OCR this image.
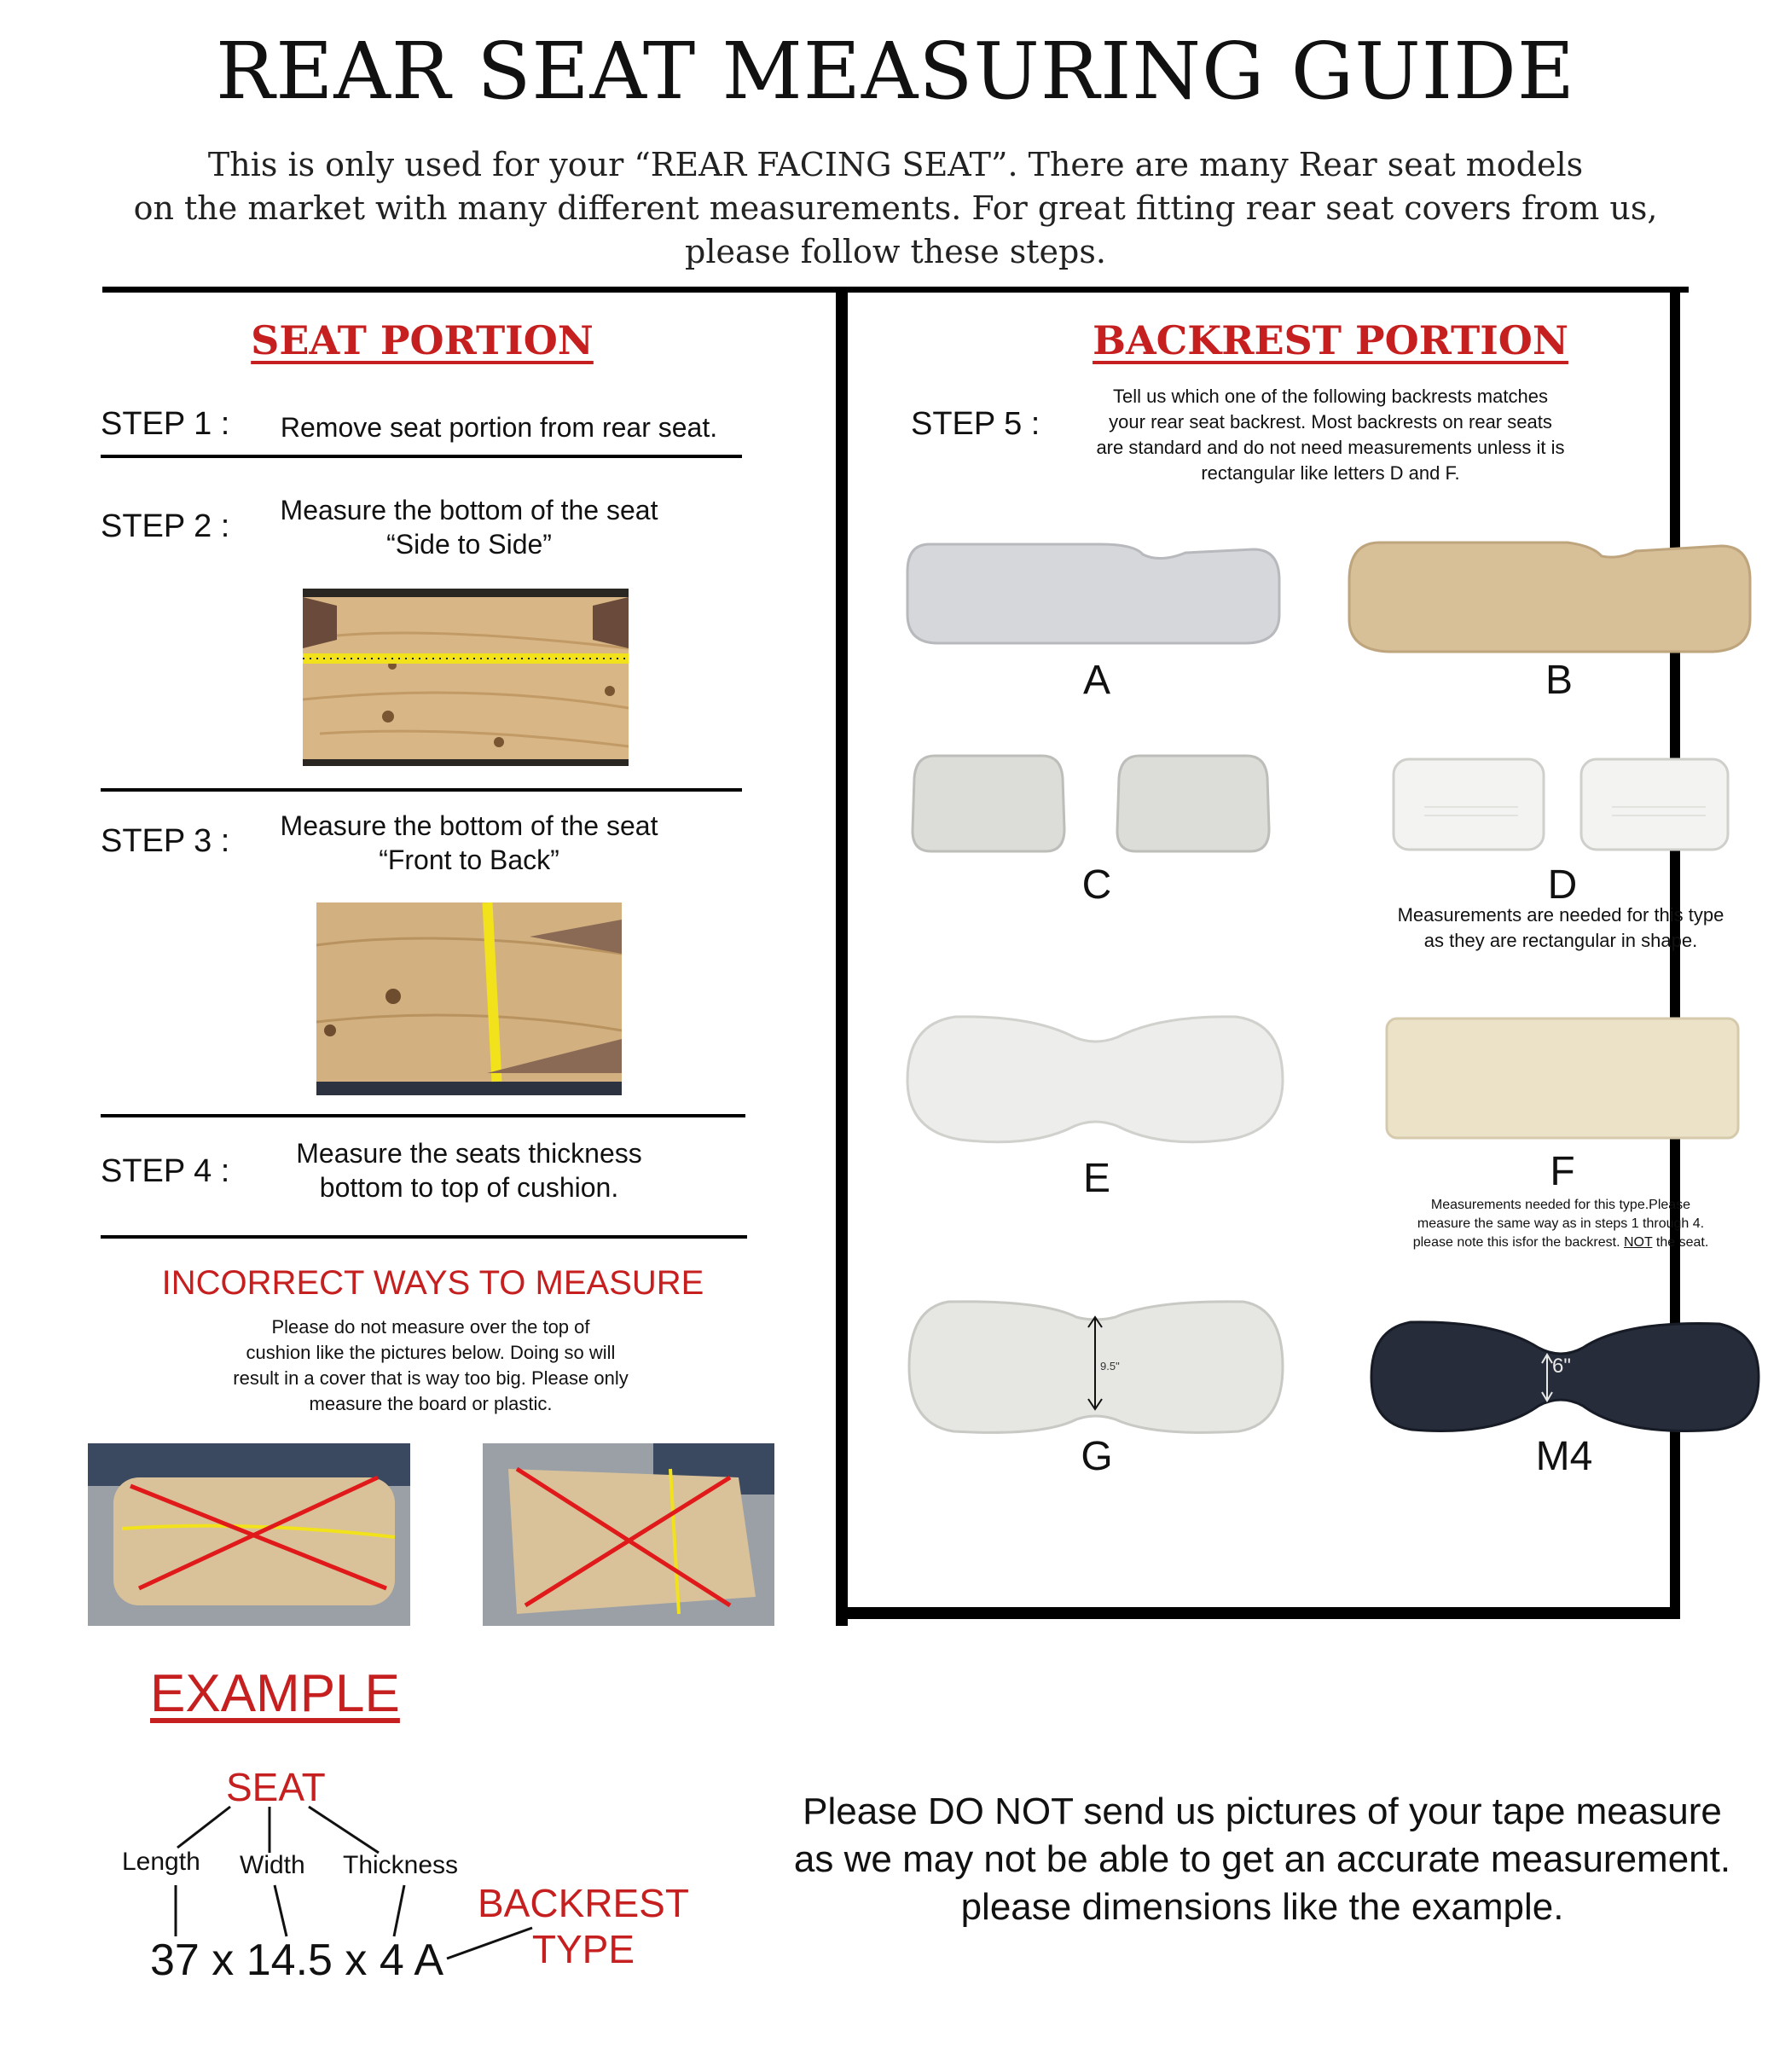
REAR SEAT MEASURING GUIDE
This is only used for your “REAR FACING SEAT”. There are many Rear seat models
on the market with many different measurements. For great fitting rear seat covers from us,
please follow these steps.
SEAT PORTION
STEP 1 :	Remove seat portion from rear seat.
STEP 2 :	Measure the bottom of the seat
“Side to Side”
STEP 3 :	Measure the bottom of the seat
“Front to Back”
STEP 4 :	Measure the seats thickness
bottom to top of cushion.
INCORRECT WAYS TO MEASURE
Please do not measure over the top of
cushion like the pictures below. Doing so will
result in a cover that is way too big. Please only
measure the board or plastic.
BACKREST PORTION
STEP 5 :
Tell us which one of the following backrests matches
your rear seat backrest. Most backrests on rear seats
are standard and do not need measurements unless it is
rectangular like letters D and F.
A	B
C	D
Measurements are needed for this type
as they are rectangular in shape.
E	F
Measurements needed for this type.Please
measure the same way as in steps 1 through 4.
please note this isfor the backrest. NOT the seat.
9.5"
G
6"
M4
EXAMPLE
SEAT
Length Width Thickness
BACKREST
TYPE
37 x 14.5 x 4 A
Please DO NOT send us pictures of your tape measure
as we may not be able to get an accurate measurement.
please dimensions like the example.
